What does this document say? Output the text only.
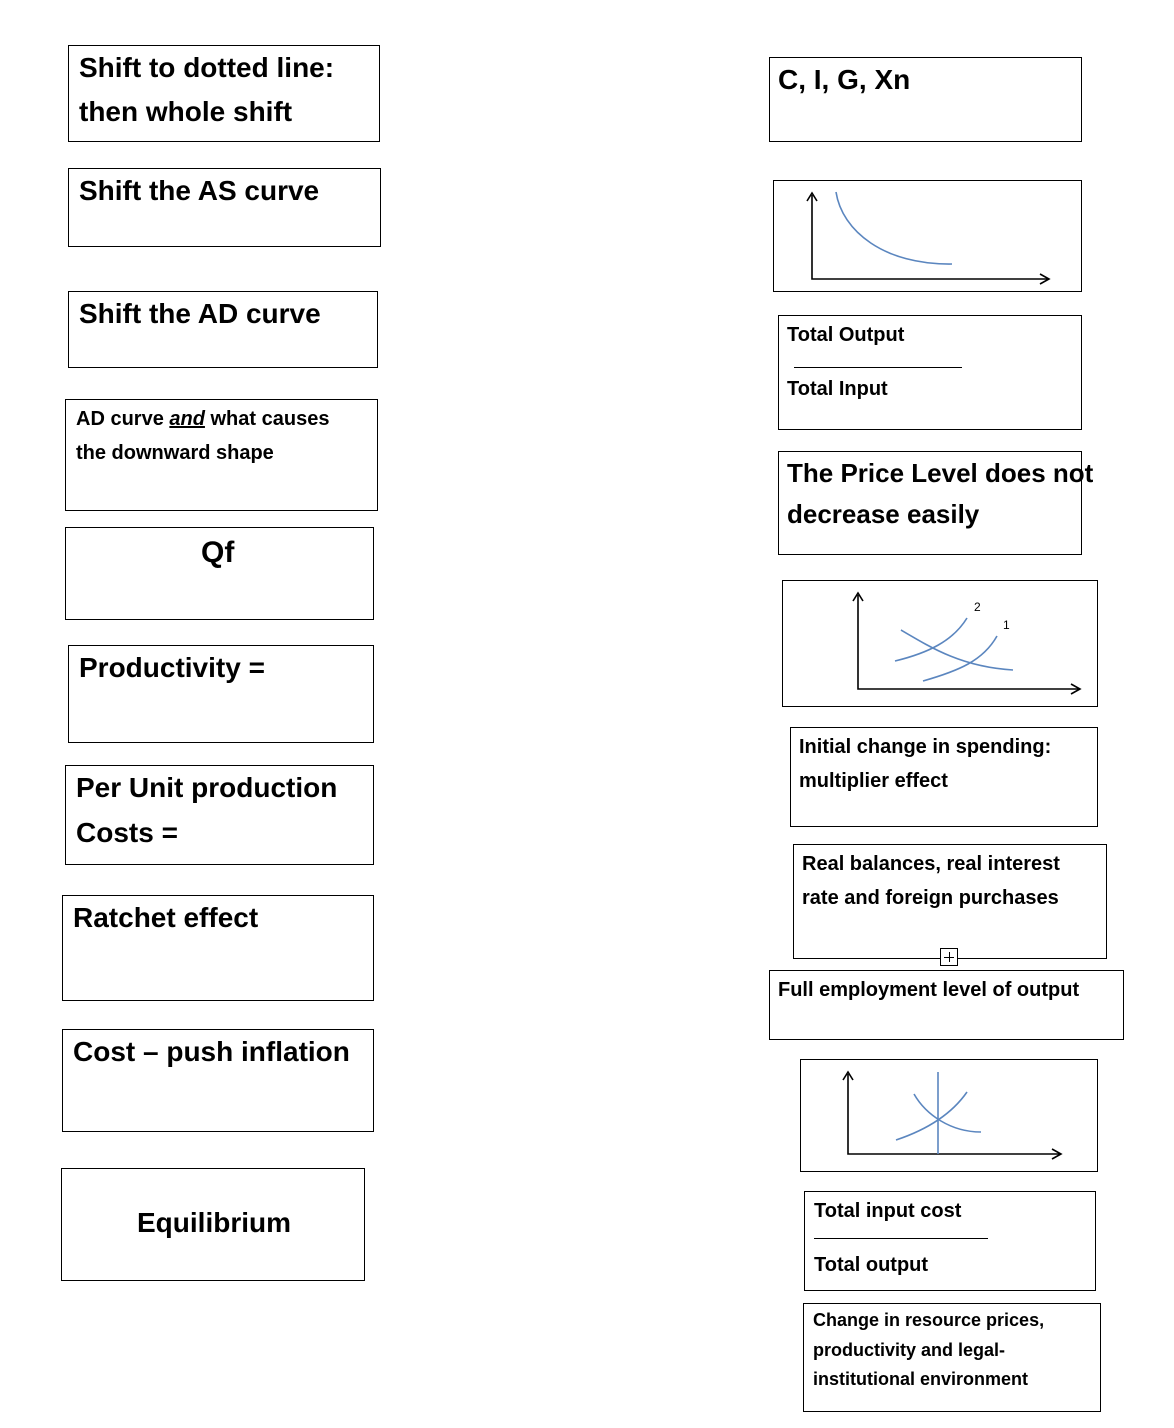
Shift to dotted line:
then whole shift
Shift the AS curve
Shift the AD curve
AD curve and what causes
the downward shape
Qf
Productivity =
Per Unit production
Costs =
Ratchet effect
Cost – push inflation
Equilibrium
C, I, G, Xn
Total Output
Total Input
The Price Level does not
decrease easily
2
1
Initial change in spending:
multiplier effect
Real balances, real interest
rate and foreign purchases
Full employment level of output
Total input cost
Total output
Change in resource prices,
productivity and legal-
institutional environment
